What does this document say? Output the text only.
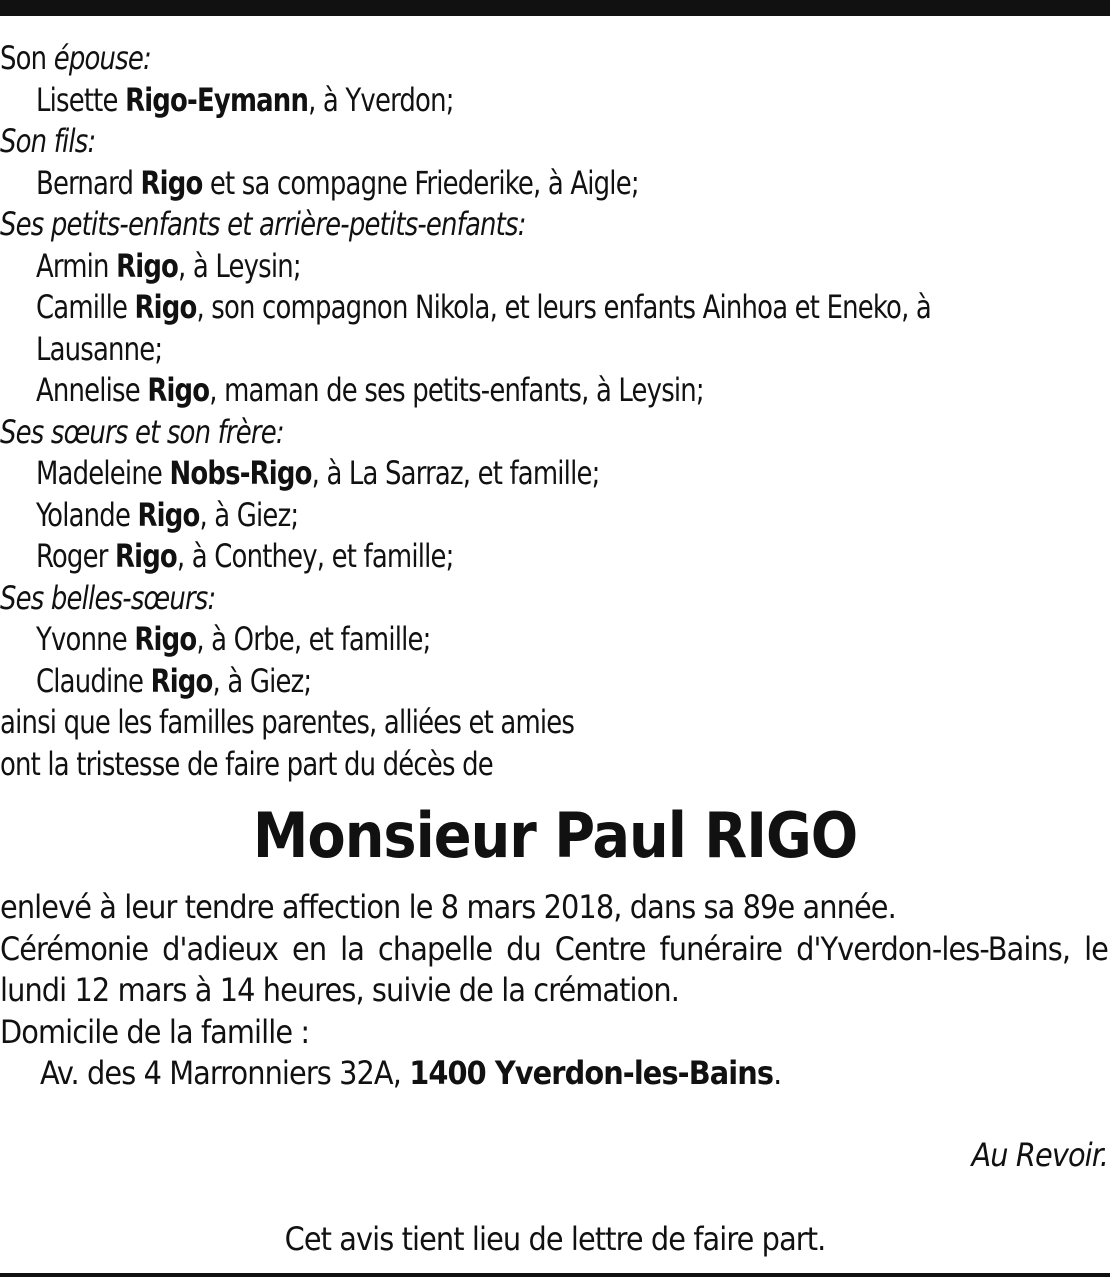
Son épouse:
Lisette Rigo-Eymann, à Yverdon;
Son fils:
Bernard Rigo et sa compagne Friederike, à Aigle;
Ses petits-enfants et arrière-petits-enfants:
Armin Rigo, à Leysin;
Camille Rigo, son compagnon Nikola, et leurs enfants Ainhoa et Eneko, à Lausanne;
Annelise Rigo, maman de ses petits-enfants, à Leysin;
Ses sœurs et son frère:
Madeleine Nobs-Rigo, à La Sarraz, et famille;
Yolande Rigo, à Giez;
Roger Rigo, à Conthey, et famille;
Ses belles-sœurs:
Yvonne Rigo, à Orbe, et famille;
Claudine Rigo, à Giez;
ainsi que les familles parentes, alliées et amies
ont la tristesse de faire part du décès de
Monsieur Paul RIGO
enlevé à leur tendre affection le 8 mars 2018, dans sa 89e année.
Cérémonie d'adieux en la chapelle du Centre funéraire d'Yverdon-les-Bains, le lundi 12 mars à 14 heures, suivie de la crémation.
Domicile de la famille :
Av. des 4 Marronniers 32A, 1400 Yverdon-les-Bains.
Au Revoir.
Cet avis tient lieu de lettre de faire part.
